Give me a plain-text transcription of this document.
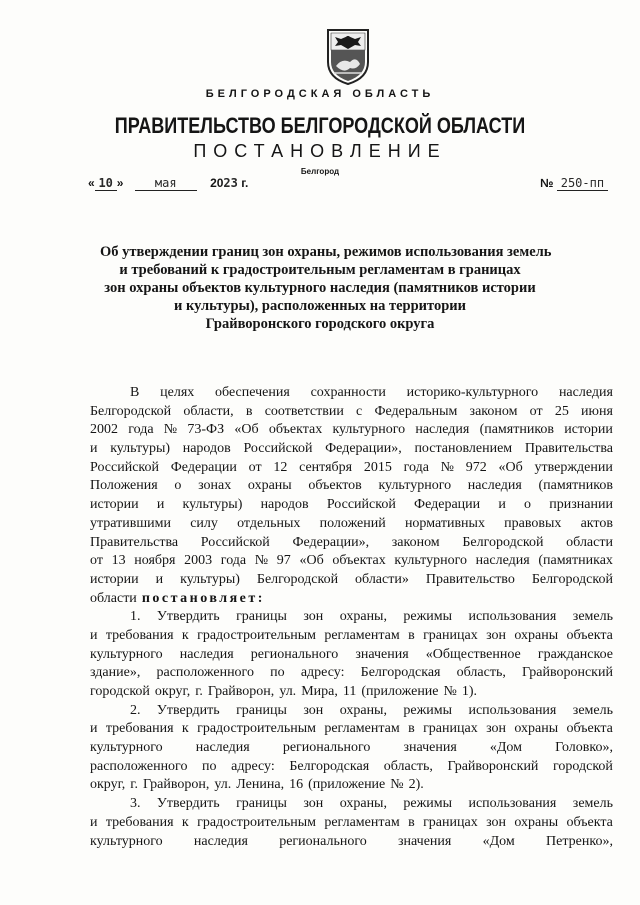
БЕЛГОРОДСКАЯ ОБЛАСТЬ
ПРАВИТЕЛЬСТВО БЕЛГОРОДСКОЙ ОБЛАСТИ
ПОСТАНОВЛЕНИЕ
Белгород
« 10 »	мая	2023 г.	№ 250-пп
Об утверждении границ зон охраны, режимов использования земель
и требований к градостроительным регламентам в границах
зон охраны объектов культурного наследия (памятников истории
и культуры), расположенных на территории
Грайворонского городского округа
В целях обеспечения сохранности историко-культурного наследия
Белгородской области, в соответствии с Федеральным законом от 25 июня
2002 года № 73-ФЗ «Об объектах культурного наследия (памятников истории
и культуры) народов Российской Федерации», постановлением Правительства
Российской Федерации от 12 сентября 2015 года № 972 «Об утверждении
Положения о зонах охраны объектов культурного наследия (памятников
истории и культуры) народов Российской Федерации и о признании
утратившими силу отдельных положений нормативных правовых актов
Правительства Российской Федерации», законом Белгородской области
от 13 ноября 2003 года № 97 «Об объектах культурного наследия (памятниках
истории и культуры) Белгородской области» Правительство Белгородской
области постановляет:
1. Утвердить границы зон охраны, режимы использования земель
и требования к градостроительным регламентам в границах зон охраны объекта
культурного наследия регионального значения «Общественное гражданское
здание», расположенного по адресу: Белгородская область, Грайворонский
городской округ, г. Грайворон, ул. Мира, 11 (приложение № 1).
2. Утвердить границы зон охраны, режимы использования земель
и требования к градостроительным регламентам в границах зон охраны объекта
культурного наследия регионального значения «Дом Головко»,
расположенного по адресу: Белгородская область, Грайворонский городской
округ, г. Грайворон, ул. Ленина, 16 (приложение № 2).
3. Утвердить границы зон охраны, режимы использования земель
и требования к градостроительным регламентам в границах зон охраны объекта
культурного наследия регионального значения «Дом Петренко»,
